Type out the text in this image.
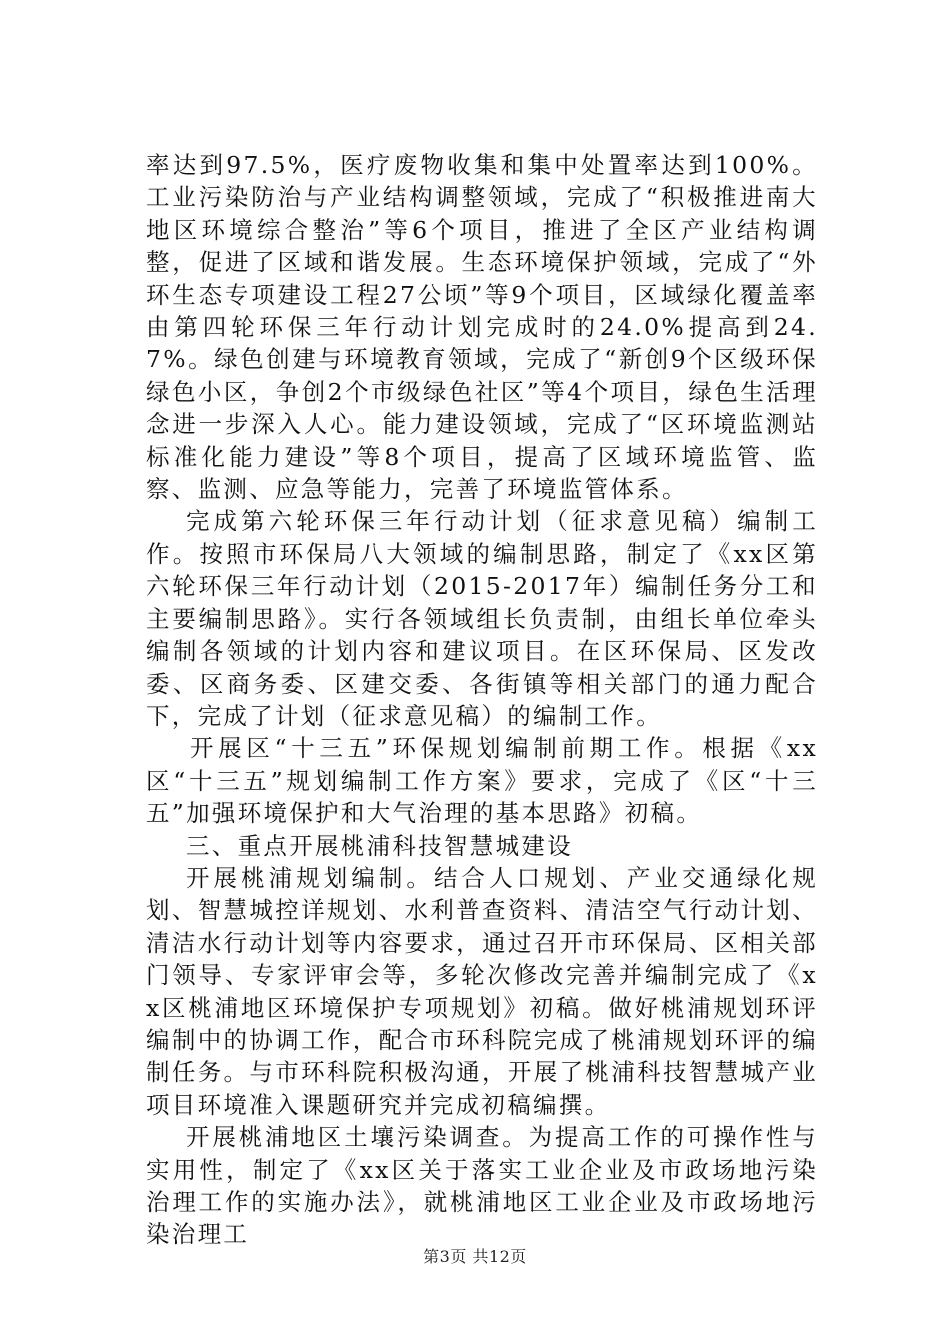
率达到97.5%，医疗废物收集和集中处置率达到100%。工业污染防治与产业结构调整领域，完成了“积极推进南大地区环境综合整治”等6个项目，推进了全区产业结构调整，促进了区域和谐发展。生态环境保护领域，完成了“外环生态专项建设工程27公顷”等9个项目，区域绿化覆盖率由第四轮环保三年行动计划完成时的24.0%提高到24.7%。绿色创建与环境教育领域，完成了“新创9个区级环保绿色小区，争创2个市级绿色社区”等4个项目，绿色生活理念进一步深入人心。能力建设领域，完成了“区环境监测站标准化能力建设”等8个项目，提高了区域环境监管、监察、监测、应急等能力，完善了环境监管体系。

完成第六轮环保三年行动计划（征求意见稿）编制工作。按照市环保局八大领域的编制思路，制定了《xx区第六轮环保三年行动计划（2015-2017年）编制任务分工和主要编制思路》。实行各领域组长负责制，由组长单位牵头编制各领域的计划内容和建议项目。在区环保局、区发改委、区商务委、区建交委、各街镇等相关部门的通力配合下，完成了计划（征求意见稿）的编制工作。

开展区“十三五”环保规划编制前期工作。根据《xx区“十三五”规划编制工作方案》要求，完成了《区“十三五”加强环境保护和大气治理的基本思路》初稿。

三、重点开展桃浦科技智慧城建设

开展桃浦规划编制。结合人口规划、产业交通绿化规划、智慧城控详规划、水利普查资料、清洁空气行动计划、清洁水行动计划等内容要求，通过召开市环保局、区相关部门领导、专家评审会等，多轮次修改完善并编制完成了《xx区桃浦地区环境保护专项规划》初稿。做好桃浦规划环评编制中的协调工作，配合市环科院完成了桃浦规划环评的编制任务。与市环科院积极沟通，开展了桃浦科技智慧城产业项目环境准入课题研究并完成初稿编撰。

开展桃浦地区土壤污染调查。为提高工作的可操作性与实用性，制定了《xx区关于落实工业企业及市政场地污染治理工作的实施办法》，就桃浦地区工业企业及市政场地污染治理工

第3页 共12页
